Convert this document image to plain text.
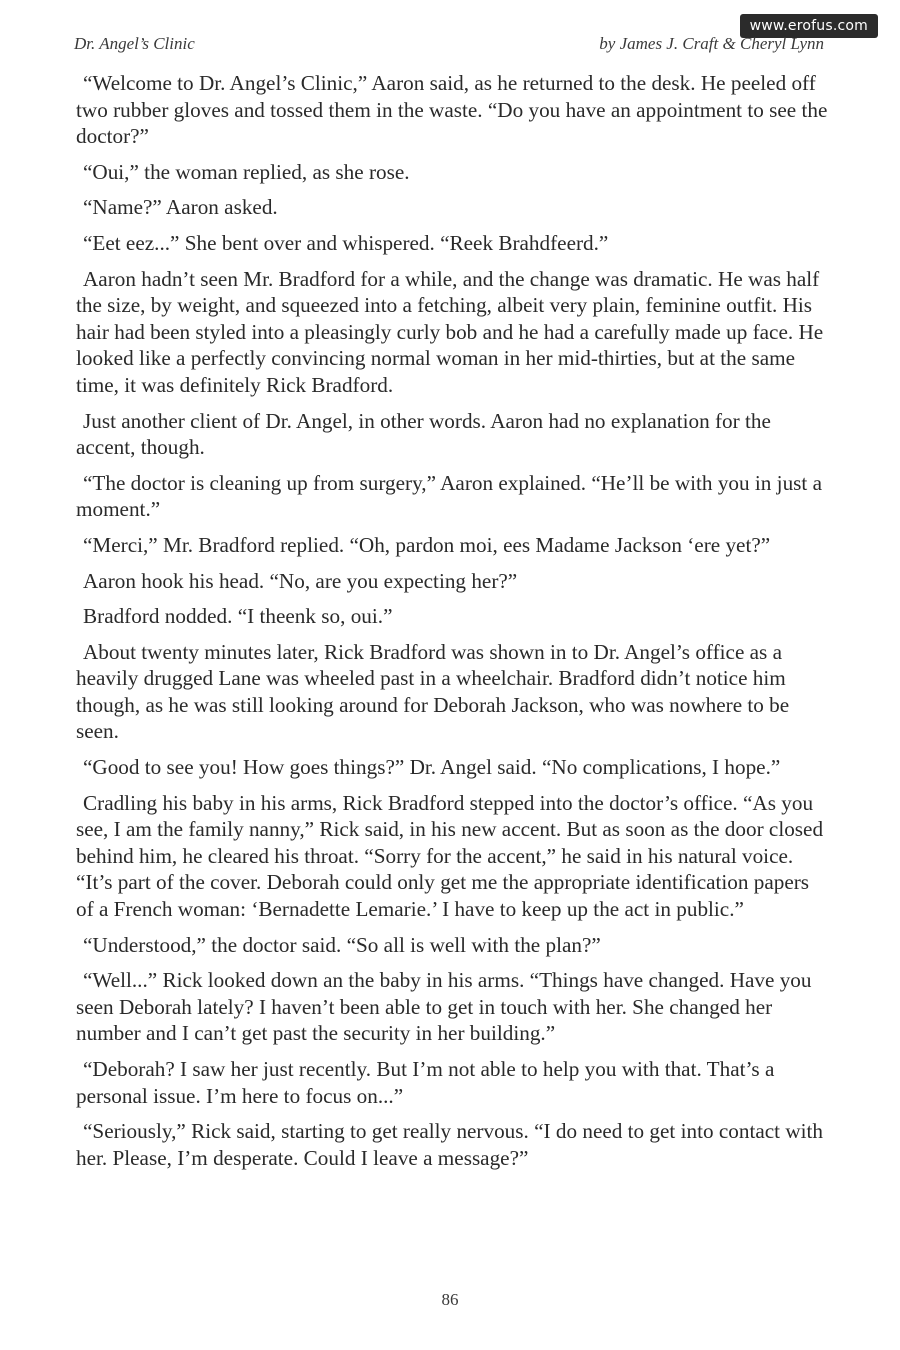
www.erofus.com
Dr. Angel’s Clinic	by James J. Craft & Cheryl Lynn

“Welcome to Dr. Angel’s Clinic,” Aaron said, as he returned to the desk. He peeled off two rubber gloves and tossed them in the waste. “Do you have an appointment to see the doctor?”

“Oui,” the woman replied, as she rose.

“Name?” Aaron asked.

“Eet eez...” She bent over and whispered. “Reek Brahdfeerd.”

Aaron hadn’t seen Mr. Bradford for a while, and the change was dramatic. He was half the size, by weight, and squeezed into a fetching, albeit very plain, feminine outfit. His hair had been styled into a pleasingly curly bob and he had a carefully made up face. He looked like a perfectly convincing normal woman in her mid-thirties, but at the same time, it was definitely Rick Bradford.

Just another client of Dr. Angel, in other words. Aaron had no explanation for the accent, though.

“The doctor is cleaning up from surgery,” Aaron explained. “He’ll be with you in just a moment.”

“Merci,” Mr. Bradford replied. “Oh, pardon moi, ees Madame Jackson ‘ere yet?”

Aaron hook his head. “No, are you expecting her?”

Bradford nodded. “I theenk so, oui.”

About twenty minutes later, Rick Bradford was shown in to Dr. Angel’s office as a heavily drugged Lane was wheeled past in a wheelchair. Bradford didn’t notice him though, as he was still looking around for Deborah Jackson, who was nowhere to be seen.

“Good to see you! How goes things?” Dr. Angel said. “No complications, I hope.”

Cradling his baby in his arms, Rick Bradford stepped into the doctor’s office. “As you see, I am the family nanny,” Rick said, in his new accent. But as soon as the door closed behind him, he cleared his throat. “Sorry for the accent,” he said in his natural voice. “It’s part of the cover. Deborah could only get me the appropriate identification papers of a French woman: ‘Bernadette Lemarie.’ I have to keep up the act in public.”

“Understood,” the doctor said. “So all is well with the plan?”

“Well...” Rick looked down an the baby in his arms. “Things have changed. Have you seen Deborah lately? I haven’t been able to get in touch with her. She changed her number and I can’t get past the security in her building.”

“Deborah? I saw her just recently. But I’m not able to help you with that. That’s a personal issue. I’m here to focus on...”

“Seriously,” Rick said, starting to get really nervous. “I do need to get into contact with her. Please, I’m desperate. Could I leave a message?”

86
